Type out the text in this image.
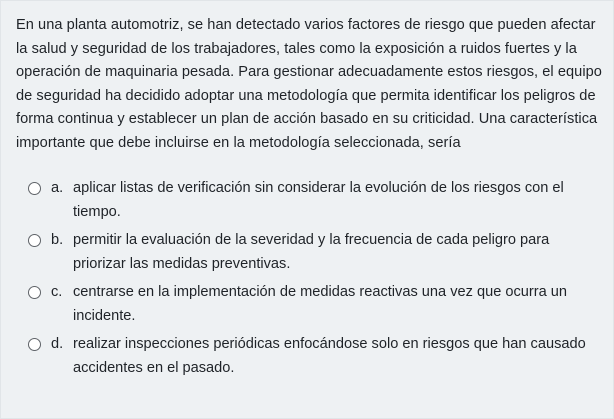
En una planta automotriz, se han detectado varios factores de riesgo que pueden afectar la salud y seguridad de los trabajadores, tales como la exposición a ruidos fuertes y la operación de maquinaria pesada. Para gestionar adecuadamente estos riesgos, el equipo de seguridad ha decidido adoptar una metodología que permita identificar los peligros de forma continua y establecer un plan de acción basado en su criticidad. Una característica importante que debe incluirse en la metodología seleccionada, sería

a. aplicar listas de verificación sin considerar la evolución de los riesgos con el tiempo.
b. permitir la evaluación de la severidad y la frecuencia de cada peligro para priorizar las medidas preventivas.
c. centrarse en la implementación de medidas reactivas una vez que ocurra un incidente.
d. realizar inspecciones periódicas enfocándose solo en riesgos que han causado accidentes en el pasado.
